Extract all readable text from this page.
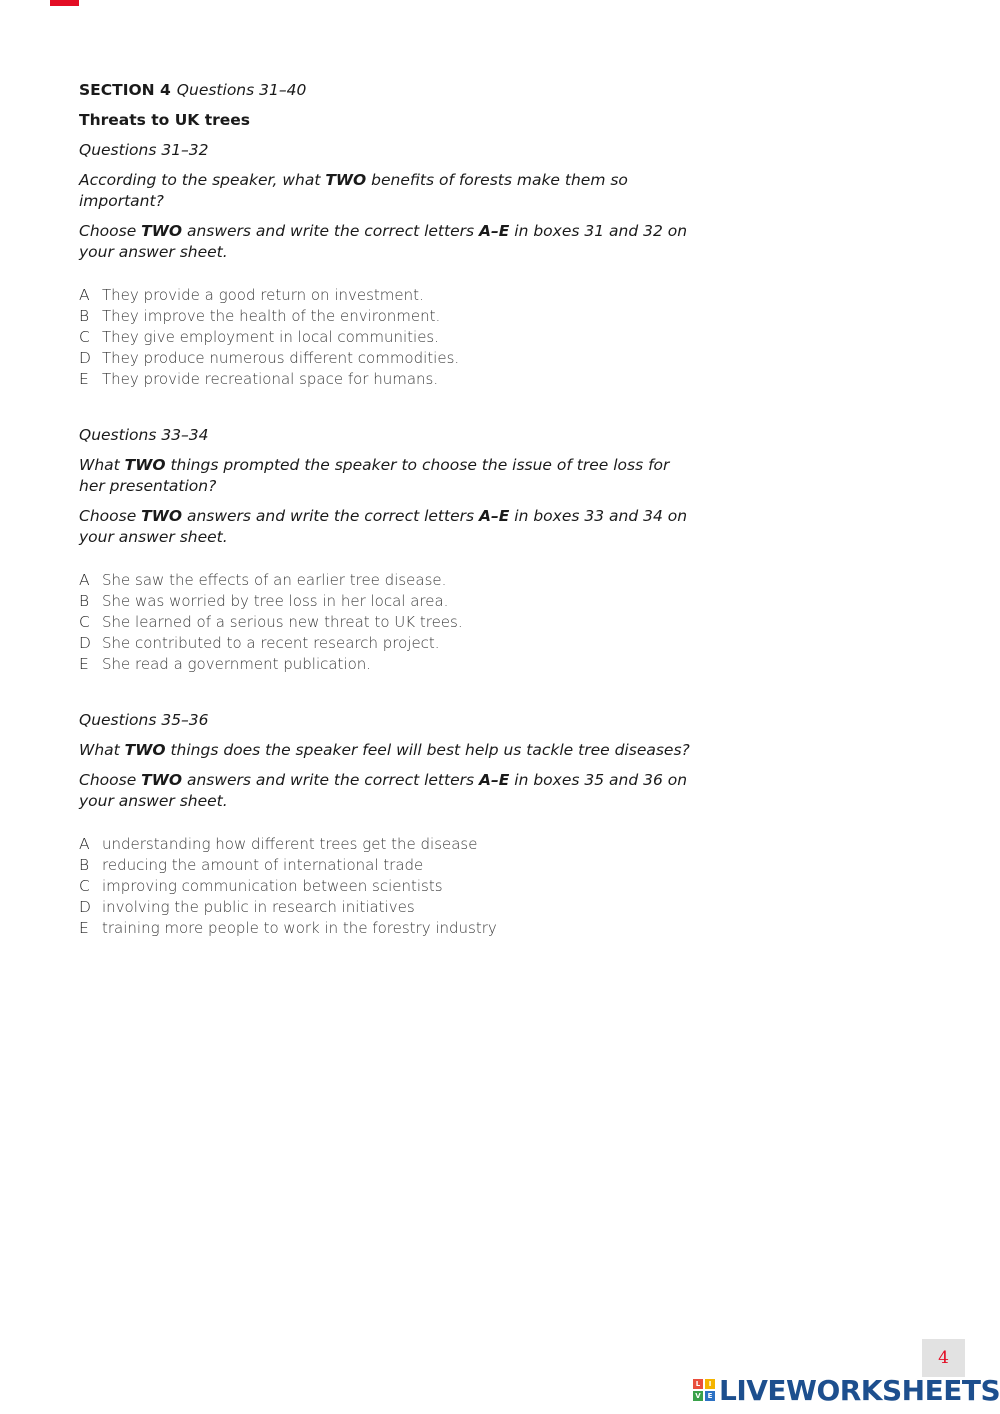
SECTION 4 Questions 31–40
Threats to UK trees
Questions 31–32
According to the speaker, what TWO benefits of forests make them so important?
Choose TWO answers and write the correct letters A–E in boxes 31 and 32 on your answer sheet.
A They provide a good return on investment.
B They improve the health of the environment.
C They give employment in local communities.
D They produce numerous different commodities.
E They provide recreational space for humans.
Questions 33–34
What TWO things prompted the speaker to choose the issue of tree loss for her presentation?
Choose TWO answers and write the correct letters A–E in boxes 33 and 34 on your answer sheet.
A She saw the effects of an earlier tree disease.
B She was worried by tree loss in her local area.
C She learned of a serious new threat to UK trees.
D She contributed to a recent research project.
E She read a government publication.
Questions 35–36
What TWO things does the speaker feel will best help us tackle tree diseases?
Choose TWO answers and write the correct letters A–E in boxes 35 and 36 on your answer sheet.
A understanding how different trees get the disease
B reducing the amount of international trade
C improving communication between scientists
D involving the public in research initiatives
E training more people to work in the forestry industry
4
L	I
V E LIVEWORKSHEETS
